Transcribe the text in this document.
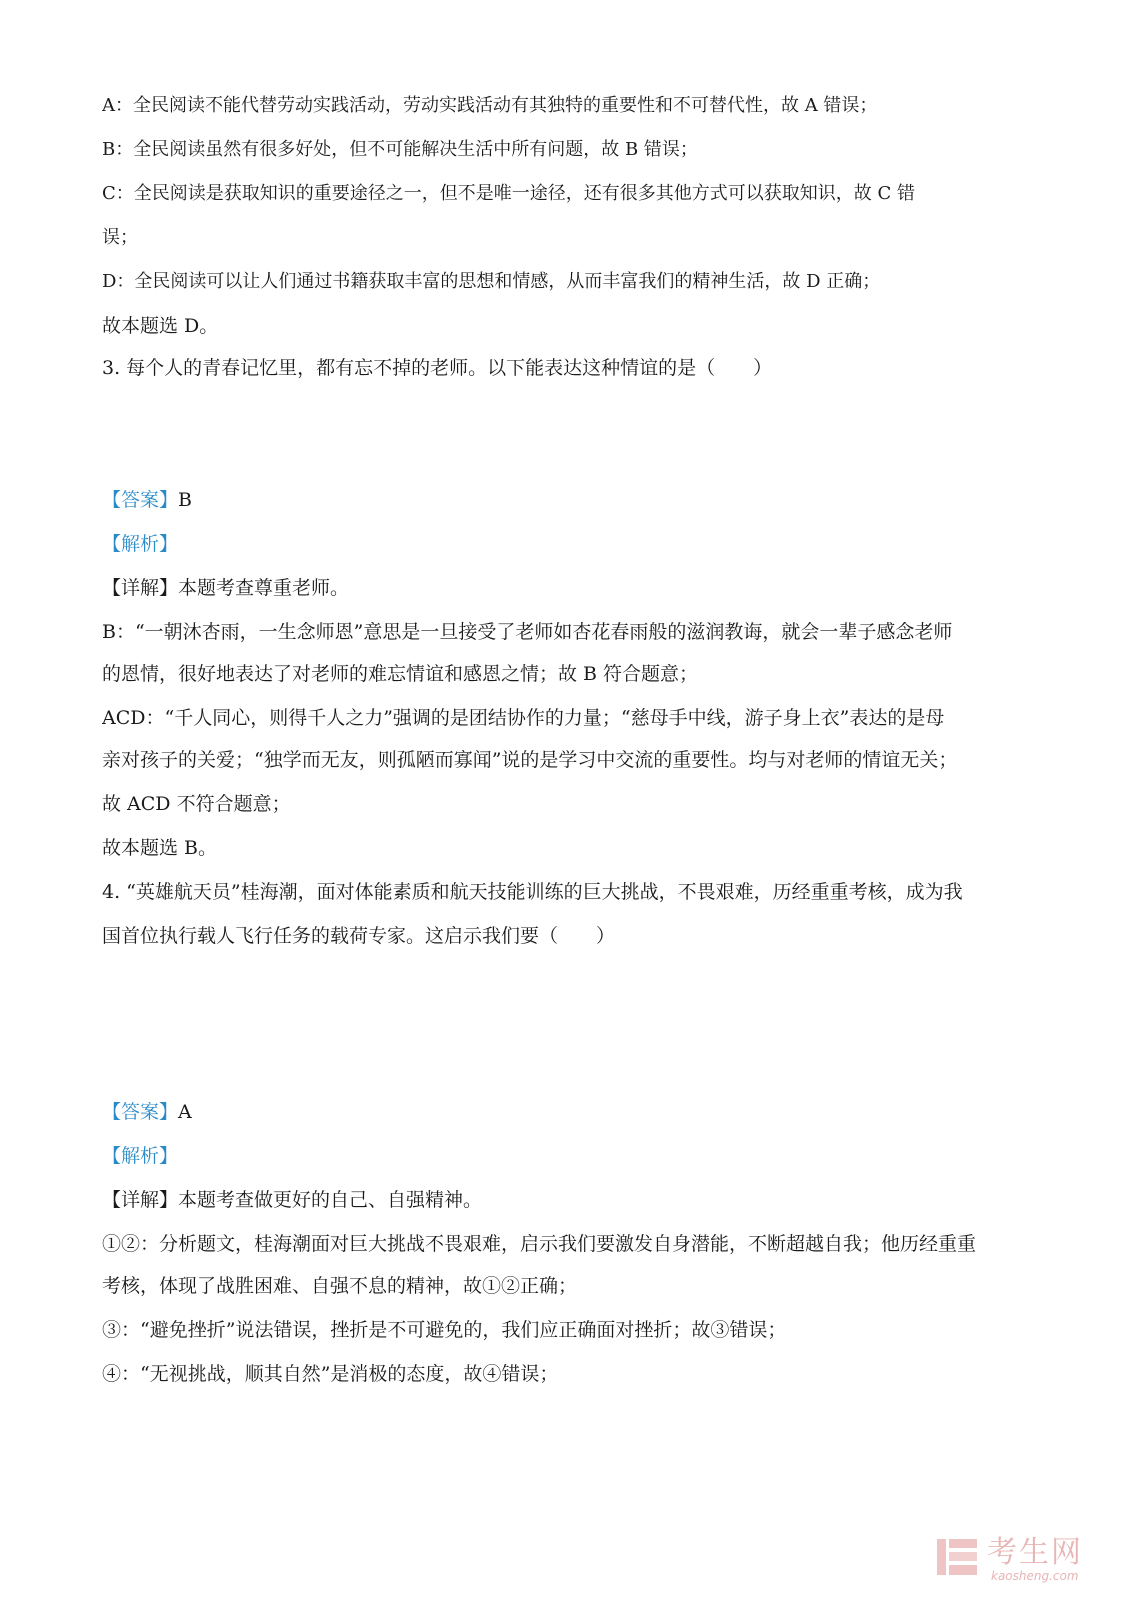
A：全民阅读不能代替劳动实践活动，劳动实践活动有其独特的重要性和不可替代性，故 A 错误；
B：全民阅读虽然有很多好处，但不可能解决生活中所有问题，故 B 错误；
C：全民阅读是获取知识的重要途径之一，但不是唯一途径，还有很多其他方式可以获取知识，故 C 错
误；
D：全民阅读可以让人们通过书籍获取丰富的思想和情感，从而丰富我们的精神生活，故 D 正确；
故本题选 D。
3. 每个人的青春记忆里，都有忘不掉的老师。以下能表达这种情谊的是（　　）
【答案】B
【解析】
【详解】本题考查尊重老师。
B：“一朝沐杏雨，一生念师恩”意思是一旦接受了老师如杏花春雨般的滋润教诲，就会一辈子感念老师
的恩情，很好地表达了对老师的难忘情谊和感恩之情；故 B 符合题意；
ACD：“千人同心，则得千人之力”强调的是团结协作的力量；“慈母手中线，游子身上衣”表达的是母
亲对孩子的关爱；“独学而无友，则孤陋而寡闻”说的是学习中交流的重要性。均与对老师的情谊无关；
故 ACD 不符合题意；
故本题选 B。
4. “英雄航天员”桂海潮，面对体能素质和航天技能训练的巨大挑战，不畏艰难，历经重重考核，成为我
国首位执行载人飞行任务的载荷专家。这启示我们要（　　）
【答案】A
【解析】
【详解】本题考查做更好的自己、自强精神。
①②：分析题文，桂海潮面对巨大挑战不畏艰难，启示我们要激发自身潜能，不断超越自我；他历经重重
考核，体现了战胜困难、自强不息的精神，故①②正确；
③：“避免挫折”说法错误，挫折是不可避免的，我们应正确面对挫折；故③错误；
④：“无视挑战，顺其自然”是消极的态度，故④错误；
考生网
kaosheng.com
